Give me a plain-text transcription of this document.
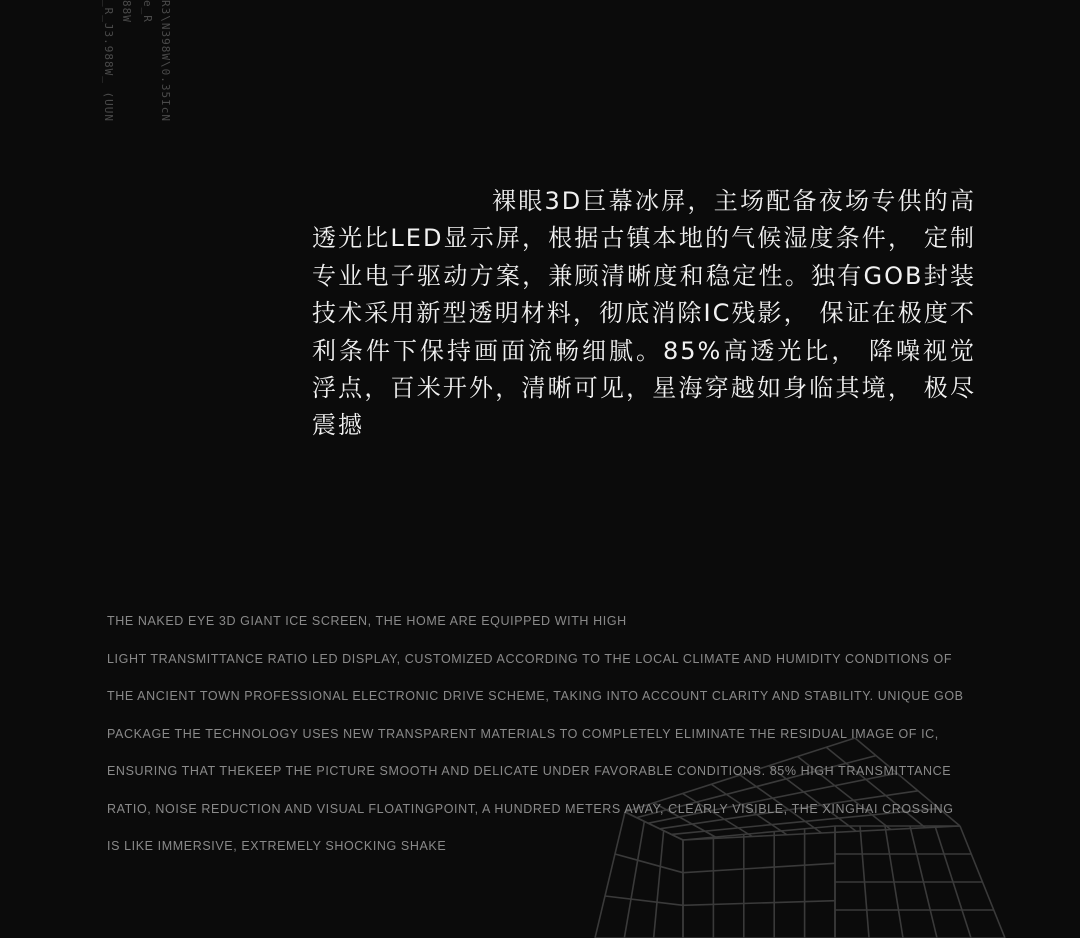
_R_J3.988W_ (UUN 88W e_R R3\N398W\0.35IcN

裸眼3D巨幕冰屏，主场配备夜场专供的高透光比LED显示屏，根据古镇本地的气候湿度条件， 定制专业电子驱动方案，兼顾清晰度和稳定性。独有GOB封装技术采用新型透明材料，彻底消除IC残影， 保证在极度不利条件下保持画面流畅细腻。85%高透光比， 降噪视觉浮点，百米开外，清晰可见，星海穿越如身临其境， 极尽震撼

THE NAKED EYE 3D GIANT ICE SCREEN, THE HOME ARE EQUIPPED WITH HIGH
LIGHT TRANSMITTANCE RATIO LED DISPLAY, CUSTOMIZED ACCORDING TO THE LOCAL CLIMATE AND HUMIDITY CONDITIONS OF
THE ANCIENT TOWN PROFESSIONAL ELECTRONIC DRIVE SCHEME, TAKING INTO ACCOUNT CLARITY AND STABILITY. UNIQUE GOB
PACKAGE THE TECHNOLOGY USES NEW TRANSPARENT MATERIALS TO COMPLETELY ELIMINATE THE RESIDUAL IMAGE OF IC,
ENSURING THAT THEKEEP THE PICTURE SMOOTH AND DELICATE UNDER FAVORABLE CONDITIONS. 85% HIGH TRANSMITTANCE
RATIO, NOISE REDUCTION AND VISUAL FLOATINGPOINT, A HUNDRED METERS AWAY, CLEARLY VISIBLE, THE XINGHAI CROSSING
IS LIKE IMMERSIVE, EXTREMELY SHOCKING SHAKE
